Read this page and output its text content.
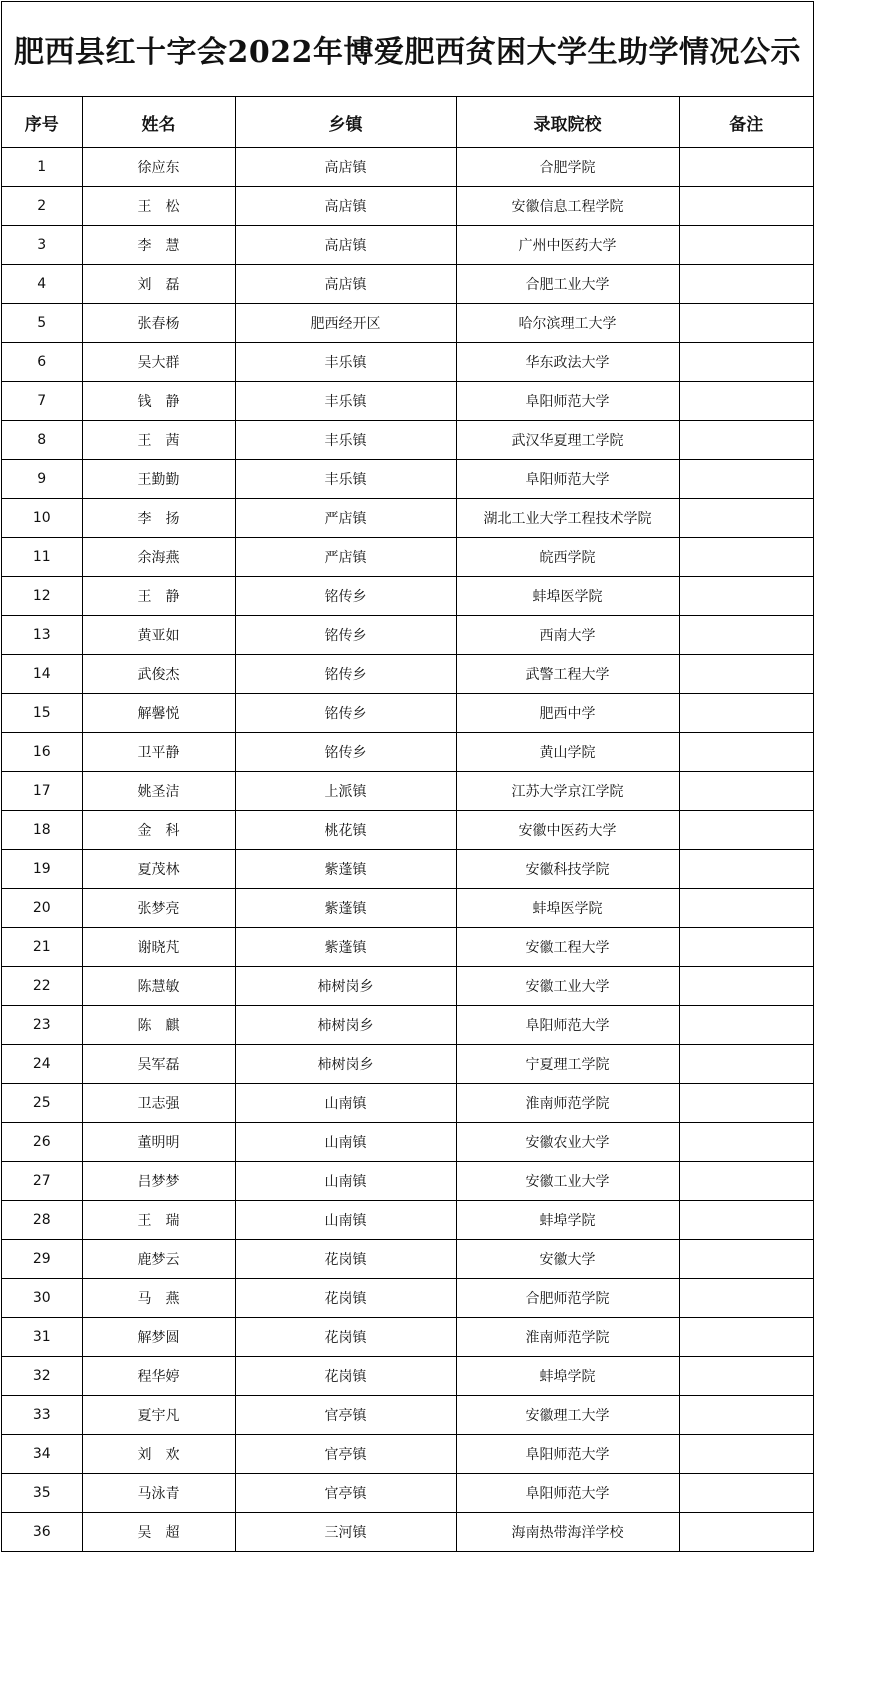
肥西县红十字会2022年博爱肥西贫困大学生助学情况公示
序号	姓名	乡镇	录取院校	备注
1	徐应东	高店镇	合肥学院	
2	王　松	高店镇	安徽信息工程学院	
3	李　慧	高店镇	广州中医药大学	
4	刘　磊	高店镇	合肥工业大学	
5	张春杨	肥西经开区	哈尔滨理工大学	
6	吴大群	丰乐镇	华东政法大学	
7	钱　静	丰乐镇	阜阳师范大学	
8	王　茜	丰乐镇	武汉华夏理工学院	
9	王勤勤	丰乐镇	阜阳师范大学	
10	李　扬	严店镇	湖北工业大学工程技术学院	
11	余海燕	严店镇	皖西学院	
12	王　静	铭传乡	蚌埠医学院	
13	黄亚如	铭传乡	西南大学	
14	武俊杰	铭传乡	武警工程大学	
15	解馨悦	铭传乡	肥西中学	
16	卫平静	铭传乡	黄山学院	
17	姚圣洁	上派镇	江苏大学京江学院	
18	金　科	桃花镇	安徽中医药大学	
19	夏茂林	紫蓬镇	安徽科技学院	
20	张梦亮	紫蓬镇	蚌埠医学院	
21	谢晓芃	紫蓬镇	安徽工程大学	
22	陈慧敏	柿树岗乡	安徽工业大学	
23	陈　麒	柿树岗乡	阜阳师范大学	
24	吴军磊	柿树岗乡	宁夏理工学院	
25	卫志强	山南镇	淮南师范学院	
26	董明明	山南镇	安徽农业大学	
27	吕梦梦	山南镇	安徽工业大学	
28	王　瑞	山南镇	蚌埠学院	
29	鹿梦云	花岗镇	安徽大学	
30	马　燕	花岗镇	合肥师范学院	
31	解梦圆	花岗镇	淮南师范学院	
32	程华婷	花岗镇	蚌埠学院	
33	夏宇凡	官亭镇	安徽理工大学	
34	刘　欢	官亭镇	阜阳师范大学	
35	马泳青	官亭镇	阜阳师范大学	
36	吴　超	三河镇	海南热带海洋学校	
